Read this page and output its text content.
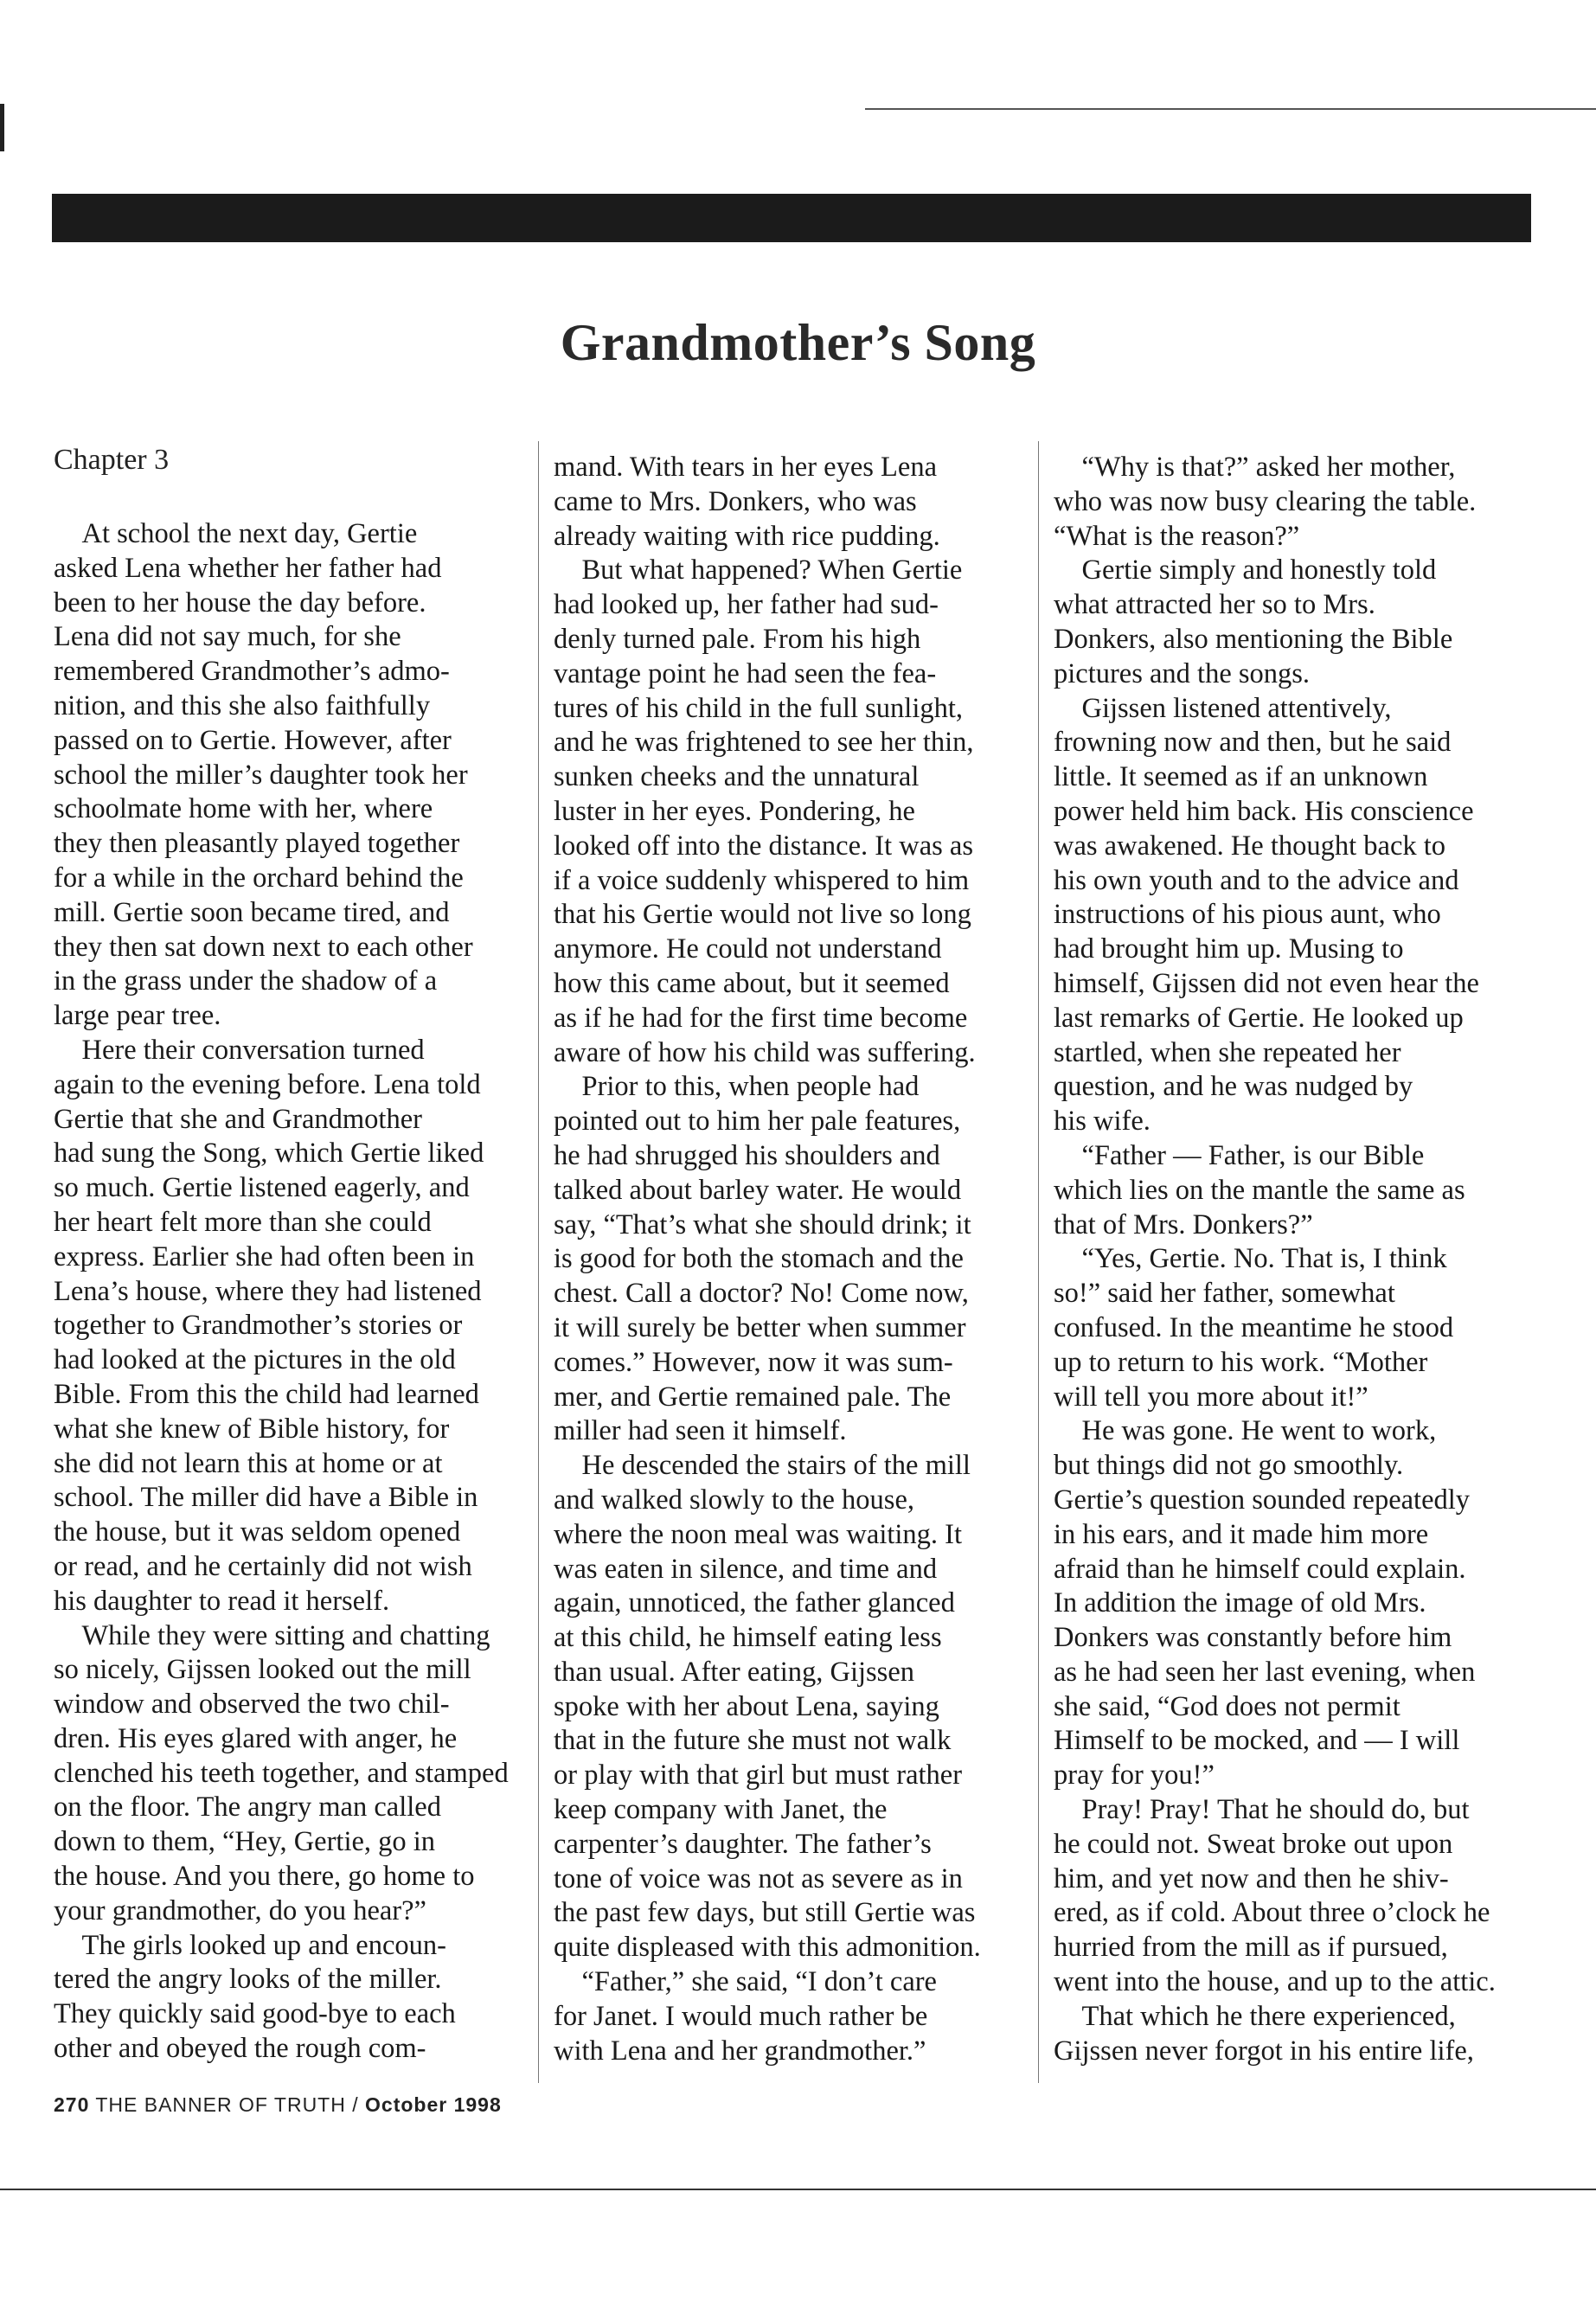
Grandmother’s Song
Chapter 3
 At school the next day, Gertie
asked Lena whether her father had
been to her house the day before.
Lena did not say much, for she
remembered Grandmother’s admo-
nition, and this she also faithfully
passed on to Gertie. However, after
school the miller’s daughter took her
schoolmate home with her, where
they then pleasantly played together
for a while in the orchard behind the
mill. Gertie soon became tired, and
they then sat down next to each other
in the grass under the shadow of a
large pear tree.
 Here their conversation turned
again to the evening before. Lena told
Gertie that she and Grandmother
had sung the Song, which Gertie liked
so much. Gertie listened eagerly, and
her heart felt more than she could
express. Earlier she had often been in
Lena’s house, where they had listened
together to Grandmother’s stories or
had looked at the pictures in the old
Bible. From this the child had learned
what she knew of Bible history, for
she did not learn this at home or at
school. The miller did have a Bible in
the house, but it was seldom opened
or read, and he certainly did not wish
his daughter to read it herself.
 While they were sitting and chatting
so nicely, Gijssen looked out the mill
window and observed the two chil-
dren. His eyes glared with anger, he
clenched his teeth together, and stamped
on the floor. The angry man called
down to them, “Hey, Gertie, go in
the house. And you there, go home to
your grandmother, do you hear?”
 The girls looked up and encoun-
tered the angry looks of the miller.
They quickly said good-bye to each
other and obeyed the rough com-
mand. With tears in her eyes Lena
came to Mrs. Donkers, who was
already waiting with rice pudding.
 But what happened? When Gertie
had looked up, her father had sud-
denly turned pale. From his high
vantage point he had seen the fea-
tures of his child in the full sunlight,
and he was frightened to see her thin,
sunken cheeks and the unnatural
luster in her eyes. Pondering, he
looked off into the distance. It was as
if a voice suddenly whispered to him
that his Gertie would not live so long
anymore. He could not understand
how this came about, but it seemed
as if he had for the first time become
aware of how his child was suffering.
 Prior to this, when people had
pointed out to him her pale features,
he had shrugged his shoulders and
talked about barley water. He would
say, “That’s what she should drink; it
is good for both the stomach and the
chest. Call a doctor? No! Come now,
it will surely be better when summer
comes.” However, now it was sum-
mer, and Gertie remained pale. The
miller had seen it himself.
 He descended the stairs of the mill
and walked slowly to the house,
where the noon meal was waiting. It
was eaten in silence, and time and
again, unnoticed, the father glanced
at this child, he himself eating less
than usual. After eating, Gijssen
spoke with her about Lena, saying
that in the future she must not walk
or play with that girl but must rather
keep company with Janet, the
carpenter’s daughter. The father’s
tone of voice was not as severe as in
the past few days, but still Gertie was
quite displeased with this admonition.
 “Father,” she said, “I don’t care
for Janet. I would much rather be
with Lena and her grandmother.”
 “Why is that?” asked her mother,
who was now busy clearing the table.
“What is the reason?”
 Gertie simply and honestly told
what attracted her so to Mrs.
Donkers, also mentioning the Bible
pictures and the songs.
 Gijssen listened attentively,
frowning now and then, but he said
little. It seemed as if an unknown
power held him back. His conscience
was awakened. He thought back to
his own youth and to the advice and
instructions of his pious aunt, who
had brought him up. Musing to
himself, Gijssen did not even hear the
last remarks of Gertie. He looked up
startled, when she repeated her
question, and he was nudged by
his wife.
 “Father — Father, is our Bible
which lies on the mantle the same as
that of Mrs. Donkers?”
 “Yes, Gertie. No. That is, I think
so!” said her father, somewhat
confused. In the meantime he stood
up to return to his work. “Mother
will tell you more about it!”
 He was gone. He went to work,
but things did not go smoothly.
Gertie’s question sounded repeatedly
in his ears, and it made him more
afraid than he himself could explain.
In addition the image of old Mrs.
Donkers was constantly before him
as he had seen her last evening, when
she said, “God does not permit
Himself to be mocked, and — I will
pray for you!”
 Pray! Pray! That he should do, but
he could not. Sweat broke out upon
him, and yet now and then he shiv-
ered, as if cold. About three o’clock he
hurried from the mill as if pursued,
went into the house, and up to the attic.
 That which he there experienced,
Gijssen never forgot in his entire life,
270 THE BANNER OF TRUTH / October 1998
